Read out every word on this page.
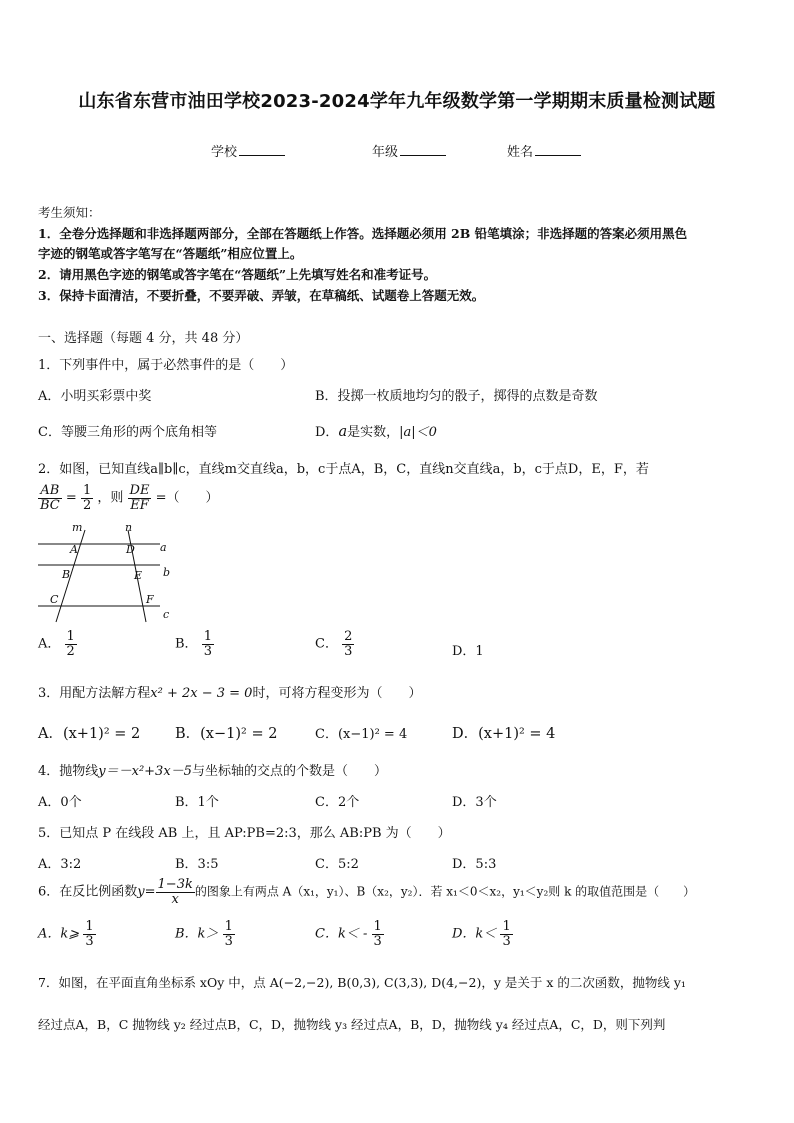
山东省东营市油田学校2023-2024学年九年级数学第一学期期末质量检测试题
学校	年级	姓名
考生须知：
1．全卷分选择题和非选择题两部分，全部在答题纸上作答。选择题必须用 2B 铅笔填涂；非选择题的答案必须用黑色
字迹的钢笔或答字笔写在“答题纸”相应位置上。
2．请用黑色字迹的钢笔或答字笔在“答题纸”上先填写姓名和准考证号。
3．保持卡面清洁，不要折叠，不要弄破、弄皱，在草稿纸、试题卷上答题无效。
一、选择题（每题 4 分，共 48 分）
1．下列事件中，属于必然事件的是（　　）
A．小明买彩票中奖	B．投掷一枚质地均匀的骰子，掷得的点数是奇数
C．等腰三角形的两个底角相等	D．a是实数，|a|＜0
2．如图，已知直线a∥b∥c，直线m交直线a，b，c于点A，B，C，直线n交直线a，b，c于点D，E，F，若
$\frac{AB}{BC} = \frac{1}{2}$ ，则 $\frac{DE}{EF}$ =（　　）
m	n
A	D a
B	E b
C	F
c
A． $\frac{1}{2}$	B． $\frac{1}{3}$	C． $\frac{2}{3}$	D．1
3．用配方法解方程x² + 2x − 3 = 0时，可将方程变形为（　　）
A．(x+1)² = 2 B．(x−1)² = 2	C．(x−1)² = 4	D．(x+1)² = 4
4．抛物线y＝－x²+3x－5与坐标轴的交点的个数是（　　）
A．0个	B．1个	C．2个	D．3个
5．已知点 P 在线段 AB 上，且 AP:PB=2:3，那么 AB:PB 为（　　）
A．3:2	B．3:5	C．5:2	D．5:3
6．在反比例函数$y= \frac{1-3k}{x}$ 的图象上有两点 A（x₁，y₁）、B（x₂，y₂）．若 x₁＜0＜x₂，y₁＜y₂则 k 的取值范围是（　　）
A．k⩾ $\frac{1}{3}$	B．$k> \frac{1}{3}$	C．$k< - \frac{1}{3}$	D．$k< \frac{1}{3}$
7．如图，在平面直角坐标系 xOy 中，点 A(−2,−2), B(0,3), C(3,3), D(4,−2)，y 是关于 x 的二次函数，抛物线 y₁
经过点A，B，C 抛物线 y₂ 经过点B，C，D，抛物线 y₃ 经过点A，B，D，抛物线 y₄ 经过点A，C，D，则下列判
